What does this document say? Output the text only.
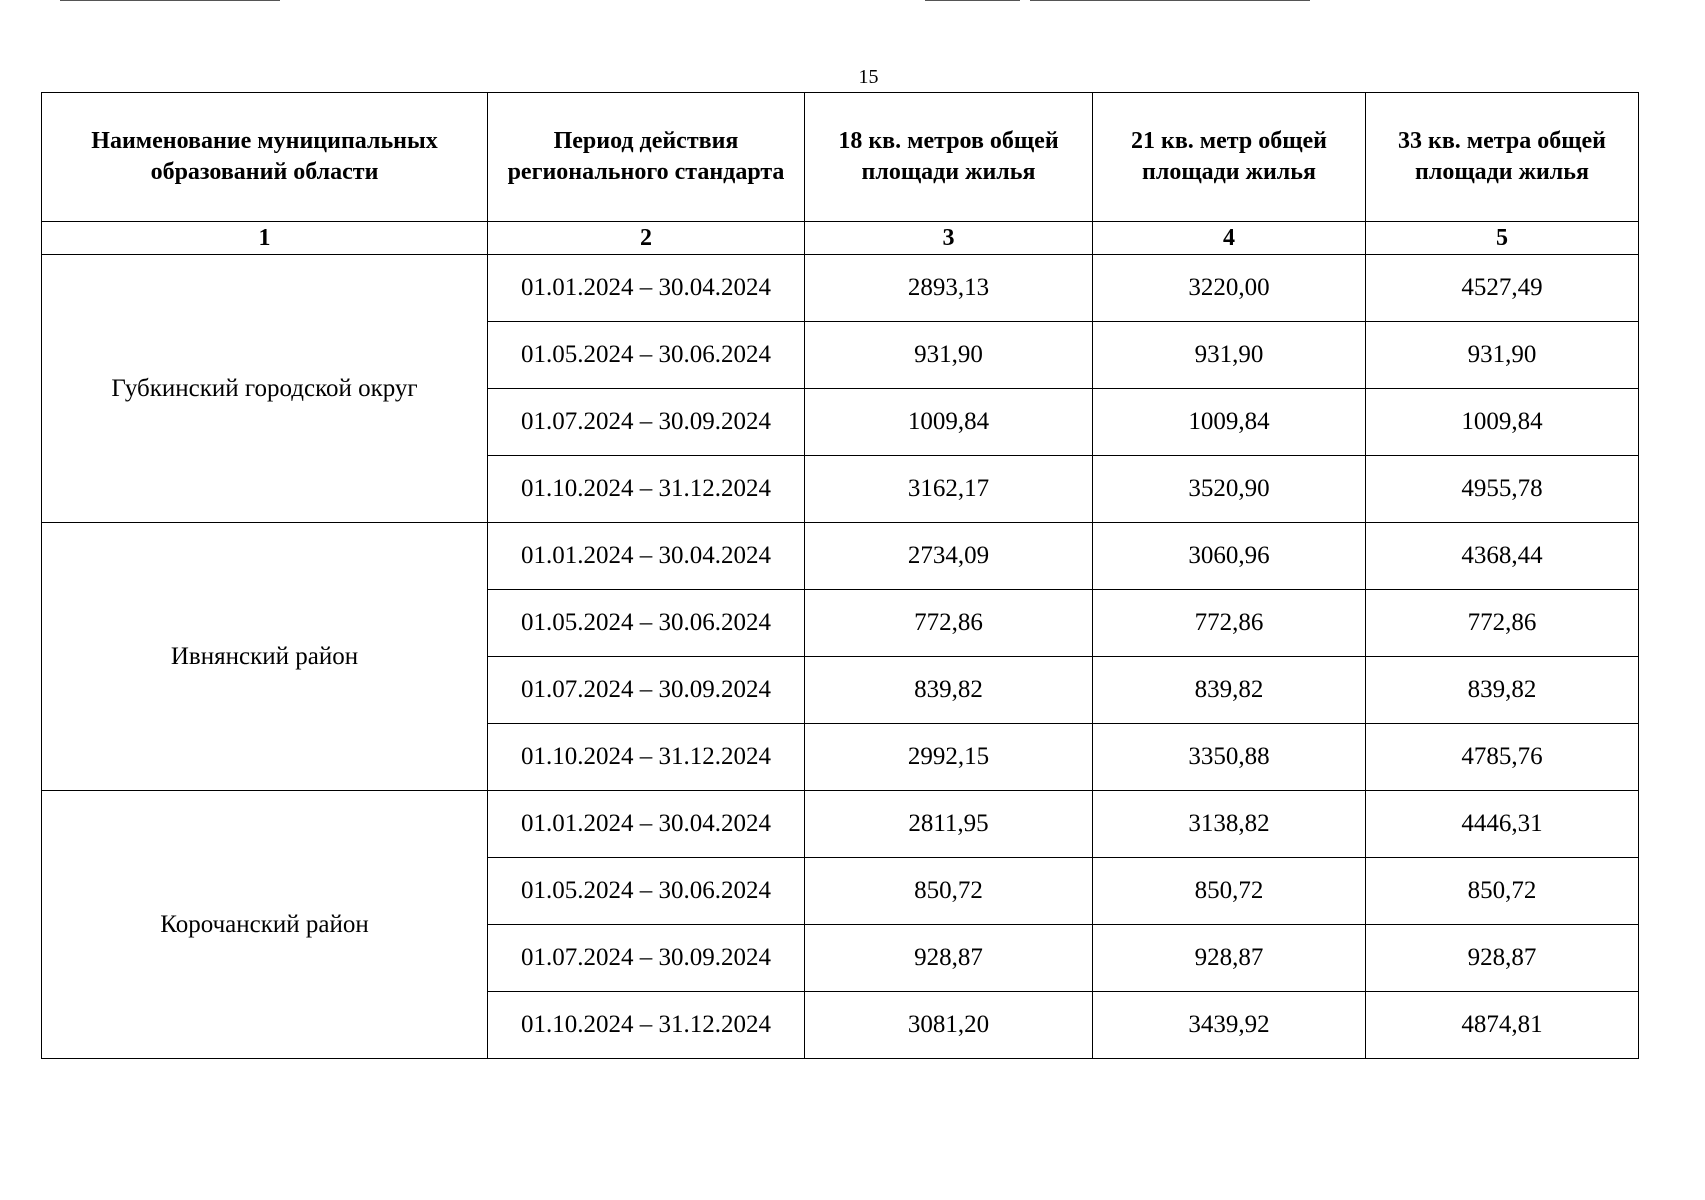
15
Наименование муниципальных образований области	Период действия регионального стандарта	18 кв. метров общей площади жилья	21 кв. метр общей площади жилья	33 кв. метра общей площади жилья
1	2	3	4	5
Губкинский городской округ	01.01.2024 – 30.04.2024	2893,13	3220,00	4527,49
	01.05.2024 – 30.06.2024	931,90	931,90	931,90
	01.07.2024 – 30.09.2024	1009,84	1009,84	1009,84
	01.10.2024 – 31.12.2024	3162,17	3520,90	4955,78
Ивнянский район	01.01.2024 – 30.04.2024	2734,09	3060,96	4368,44
	01.05.2024 – 30.06.2024	772,86	772,86	772,86
	01.07.2024 – 30.09.2024	839,82	839,82	839,82
	01.10.2024 – 31.12.2024	2992,15	3350,88	4785,76
Корочанский район	01.01.2024 – 30.04.2024	2811,95	3138,82	4446,31
	01.05.2024 – 30.06.2024	850,72	850,72	850,72
	01.07.2024 – 30.09.2024	928,87	928,87	928,87
	01.10.2024 – 31.12.2024	3081,20	3439,92	4874,81
